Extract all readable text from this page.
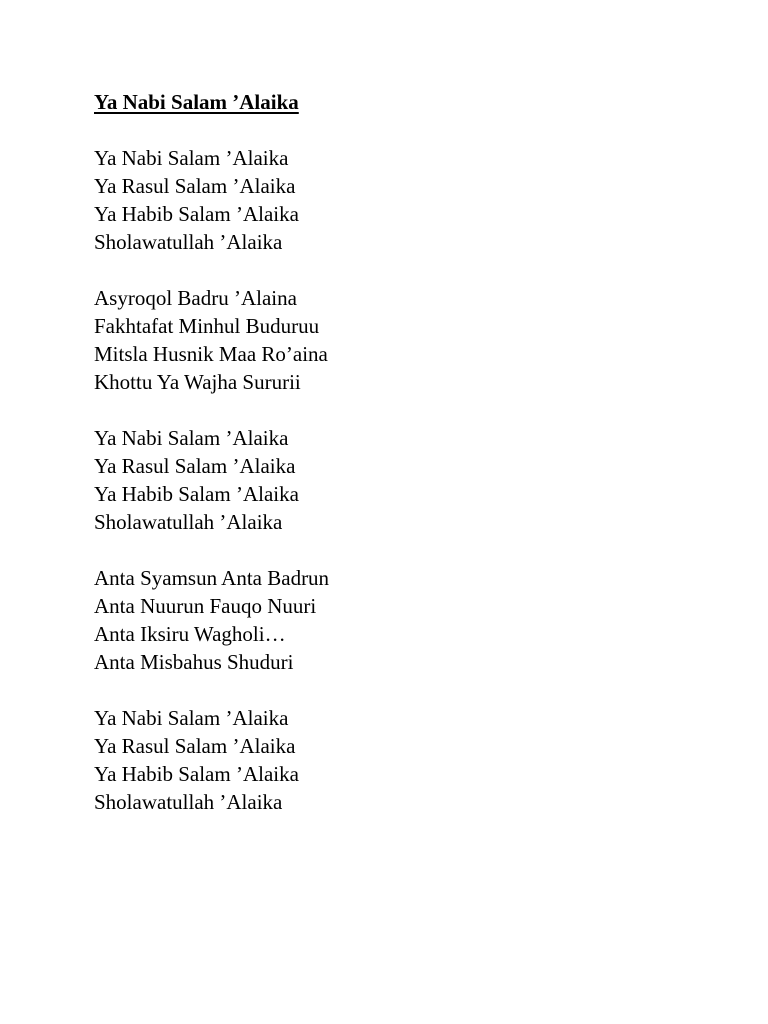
Ya Nabi Salam ’Alaika
Ya Nabi Salam ’Alaika
Ya Rasul Salam ’Alaika
Ya Habib Salam ’Alaika
Sholawatullah ’Alaika
Asyroqol Badru ’Alaina
Fakhtafat Minhul Buduruu
Mitsla Husnik Maa Ro’aina
Khottu Ya Wajha Sururii
Ya Nabi Salam ’Alaika
Ya Rasul Salam ’Alaika
Ya Habib Salam ’Alaika
Sholawatullah ’Alaika
Anta Syamsun Anta Badrun
Anta Nuurun Fauqo Nuuri
Anta Iksiru Wagholi…
Anta Misbahus Shuduri
Ya Nabi Salam ’Alaika
Ya Rasul Salam ’Alaika
Ya Habib Salam ’Alaika
Sholawatullah ’Alaika
